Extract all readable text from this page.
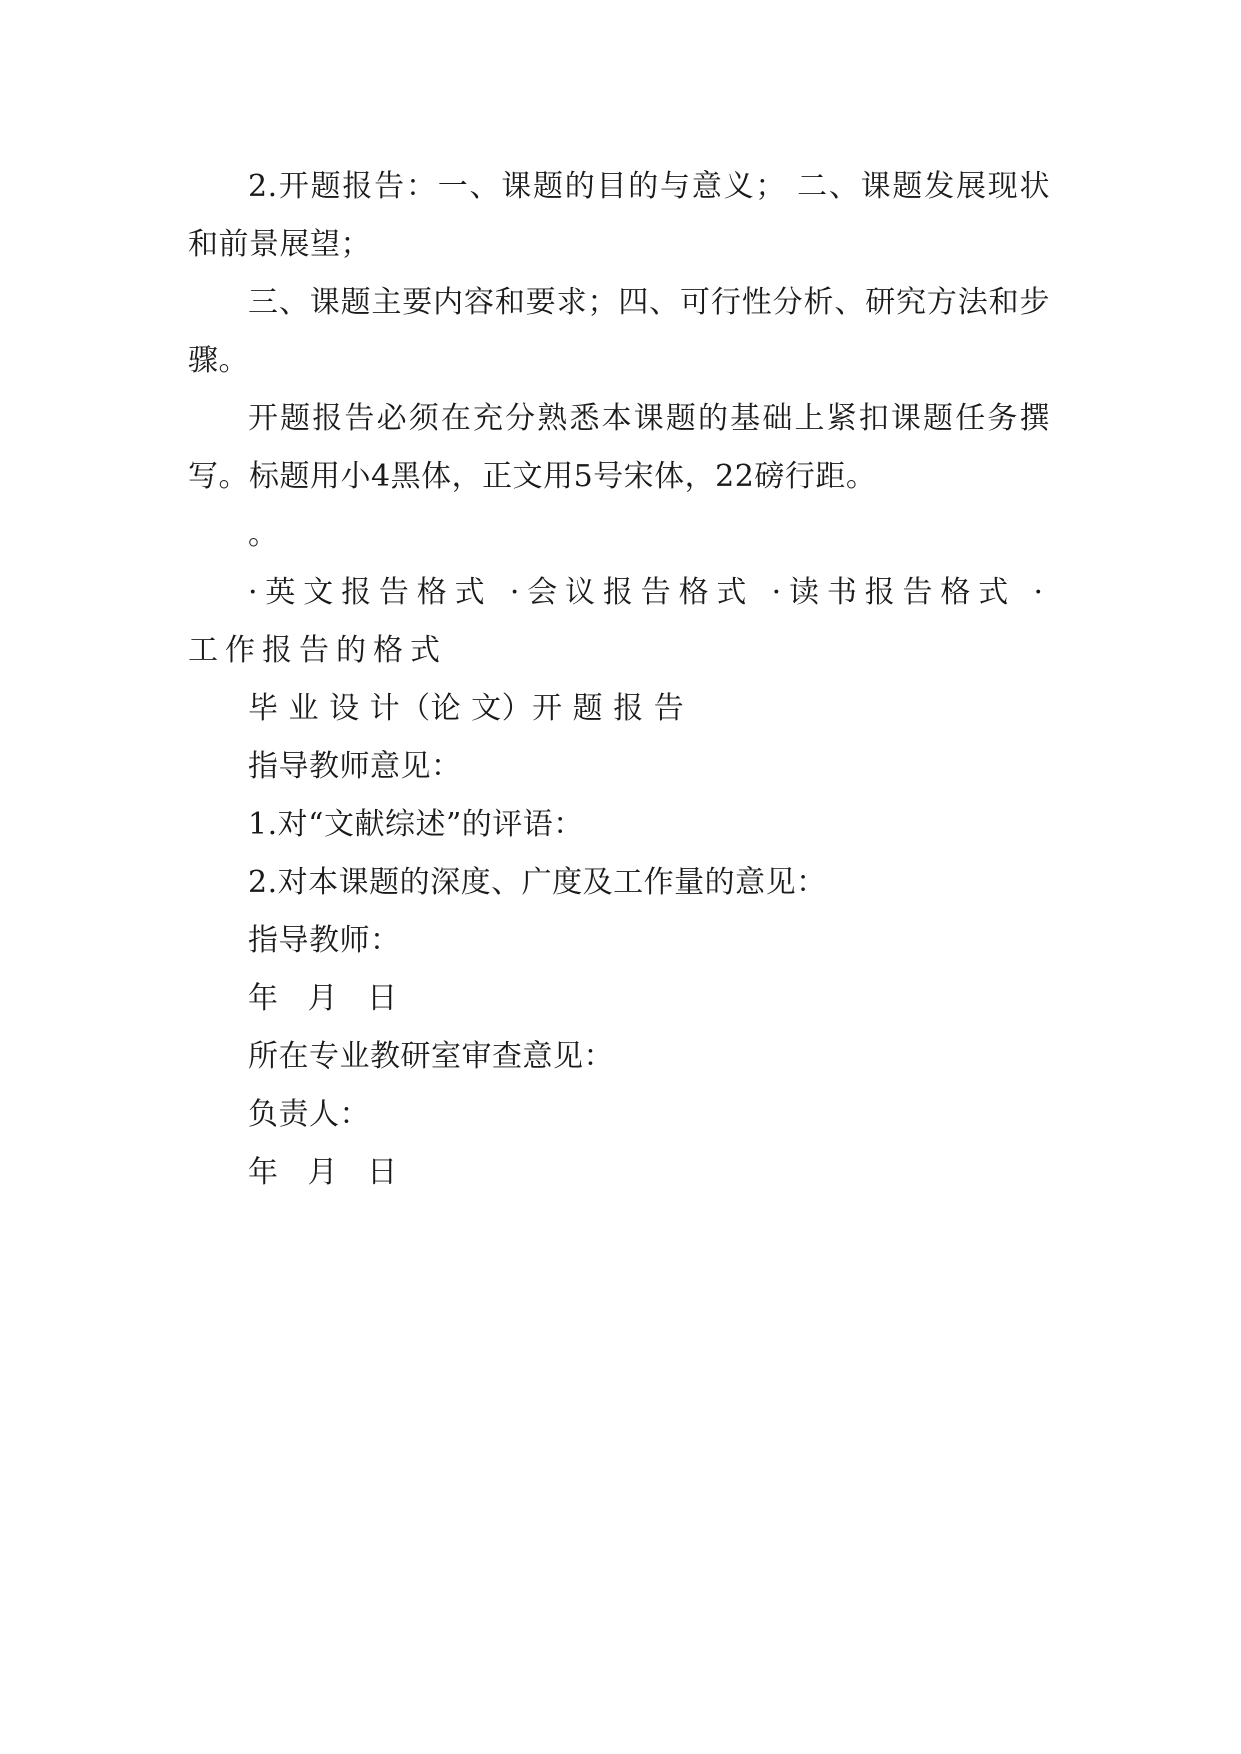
2.开题报告：一、课题的目的与意义； 二、课题发展现状和前景展望；

三、课题主要内容和要求；四、可行性分析、研究方法和步骤。

开题报告必须在充分熟悉本课题的基础上紧扣课题任务撰写。标题用小4黑体，正文用5号宋体，22磅行距。

。

·英文报告格式 ·会议报告格式 ·读书报告格式 ·工作报告的格式

毕 业 设 计（论 文）开 题 报 告

指导教师意见：

1.对“文献综述”的评语：

2.对本课题的深度、广度及工作量的意见：

指导教师：

年 月 日

所在专业教研室审查意见：

负责人：

年 月 日
